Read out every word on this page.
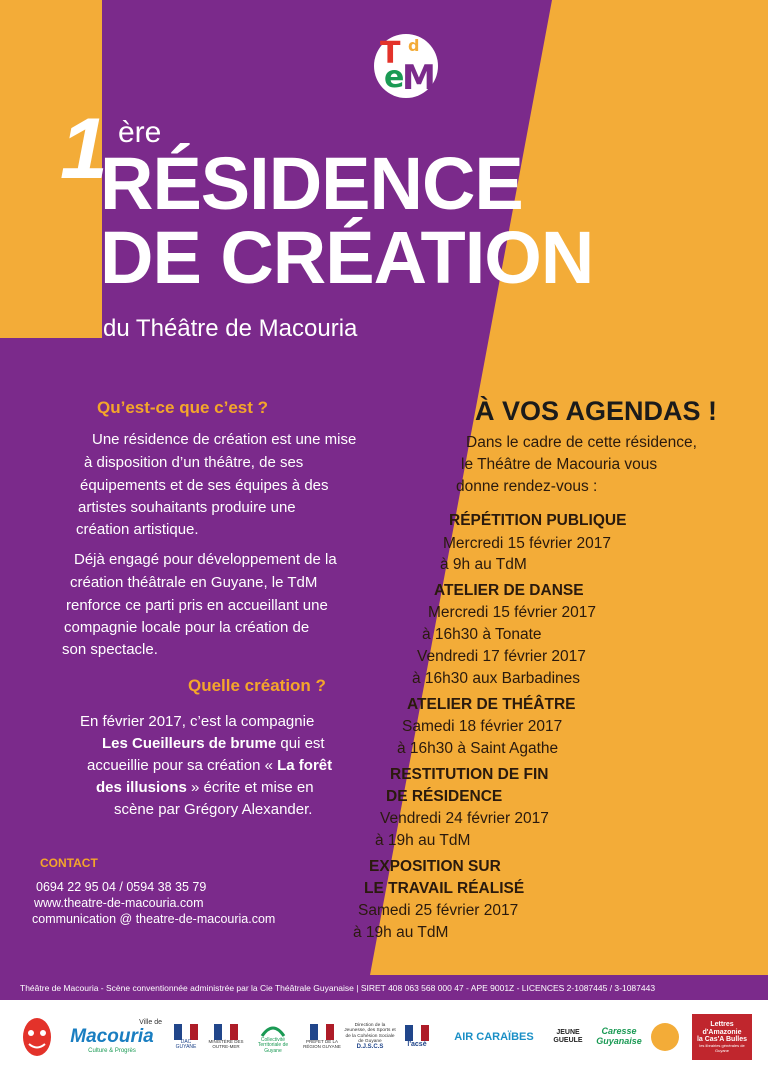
T
e
M
d
1 ère
RÉSIDENCE
DE CRÉATION
du Théâtre de Macouria
Qu’est-ce que c’est ?
Une résidence de création est une mise
à disposition d’un théâtre, de ses
équipements et de ses équipes à des
artistes souhaitants produire une
création artistique.
Déjà engagé pour développement de la
création théâtrale en Guyane, le TdM
renforce ce parti pris en accueillant une
compagnie locale pour la création de
son spectacle.
Quelle création ?
En février 2017, c’est la compagnie
Les Cueilleurs de brume qui est
accueillie pour sa création « La forêt
des illusions » écrite et mise en
scène par Grégory Alexander.
CONTACT
0694 22 95 04 / 0594 38 35 79
www.theatre-de-macouria.com
communication @ theatre-de-macouria.com
À VOS AGENDAS !
Dans le cadre de cette résidence,
le Théâtre de Macouria vous
donne rendez-vous :
RÉPÉTITION PUBLIQUE
Mercredi 15 février 2017
à 9h au TdM
ATELIER DE DANSE
Mercredi 15 février 2017
à 16h30 à Tonate
Vendredi 17 février 2017
à 16h30 aux Barbadines
ATELIER DE THÉÂTRE
Samedi 18 février 2017
à 16h30 à Saint Agathe
RESTITUTION DE FIN
DE RÉSIDENCE
Vendredi 24 février 2017
à 19h au TdM
EXPOSITION SUR
LE TRAVAIL RÉALISÉ
Samedi 25 février 2017
à 19h au TdM
Théâtre de Macouria - Scène conventionnée administrée par la Cie Théâtrale Guyanaise | SIRET 408 063 568 000 47 - APE 9001Z - LICENCES 2-1087445 / 3-1087443
Ville de
Macouria
Culture & Progrès
DAC GUYANE
MINISTÈRE DES OUTRE-MER
Collectivité Territoriale de Guyane
PRÉFET DE LA RÉGION GUYANE
Direction de la Jeunesse, des Sports et de la Cohésion Sociale de Guyane
D.J.S.C.S	l'acsé
AIR CARAÏBES	JEUNE GUEULE
Caresse Guyanaise
Lettres d'Amazonie
la Cas'A Bulles
les librairies générales de Guyane
